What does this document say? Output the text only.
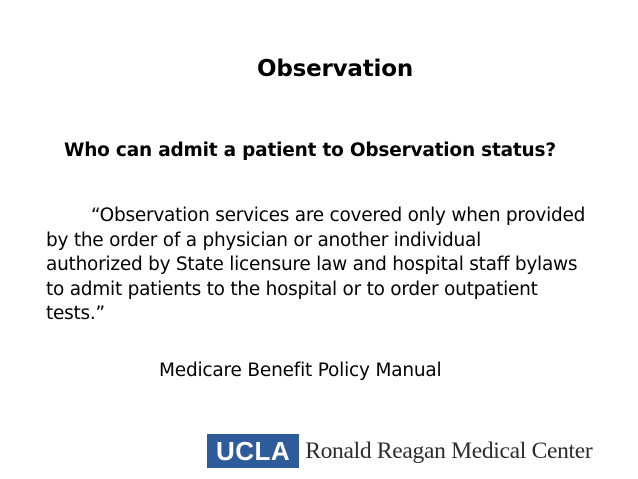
Observation
Who can admit a patient to Observation status?

“Observation services are covered only when provided
by the order of a physician or another individual
authorized by State licensure law and hospital staff bylaws
to admit patients to the hospital or to order outpatient
tests.”

Medicare Benefit Policy Manual
UCLA Ronald Reagan Medical Center
